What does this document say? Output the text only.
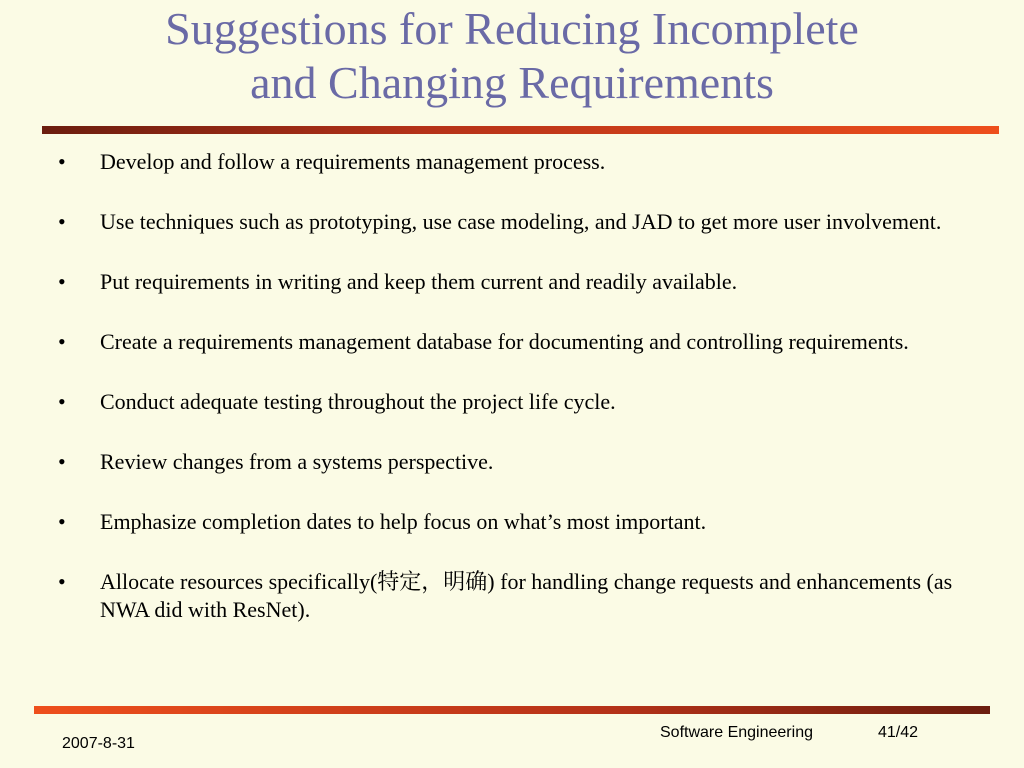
Suggestions for Reducing Incomplete
and Changing Requirements
• Develop and follow a requirements management process.
• Use techniques such as prototyping, use case modeling, and JAD to get more user involvement.
• Put requirements in writing and keep them current and readily available.
• Create a requirements management database for documenting and controlling requirements.
• Conduct adequate testing throughout the project life cycle.
• Review changes from a systems perspective.
• Emphasize completion dates to help focus on what’s most important.
• Allocate resources specifically(特定，明确) for handling change requests and enhancements (as NWA did with ResNet).
2007-8-31
Software Engineering	41/42
